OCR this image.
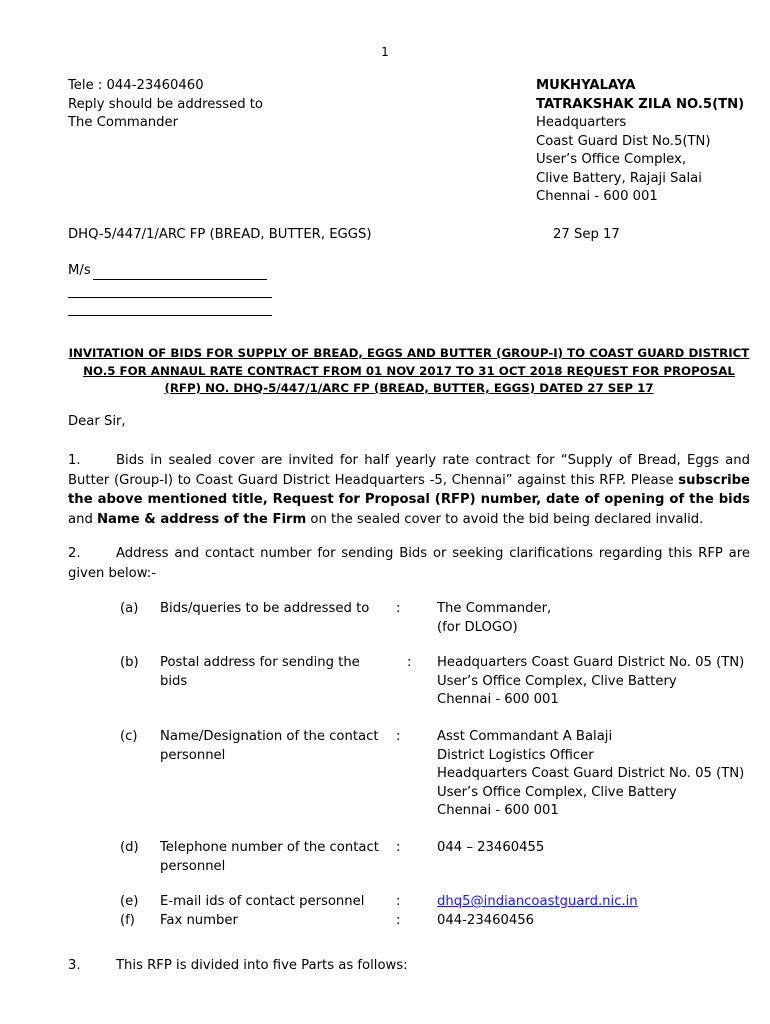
1
Tele : 044-23460460
Reply should be addressed to
The Commander
MUKHYALAYA
TATRAKSHAK ZILA NO.5(TN)
Headquarters
Coast Guard Dist No.5(TN)
User’s Office Complex,
Clive Battery, Rajaji Salai
Chennai - 600 001
DHQ-5/447/1/ARC FP (BREAD, BUTTER, EGGS)	27 Sep 17
M/s
INVITATION OF BIDS FOR SUPPLY OF BREAD, EGGS AND BUTTER (GROUP-I) TO COAST GUARD DISTRICT NO.5 FOR ANNAUL RATE CONTRACT FROM 01 NOV 2017 TO 31 OCT 2018 REQUEST FOR PROPOSAL (RFP) NO. DHQ-5/447/1/ARC FP (BREAD, BUTTER, EGGS) DATED 27 SEP 17
Dear Sir,
1.	Bids in sealed cover are invited for half yearly rate contract for “Supply of Bread, Eggs and Butter (Group-I) to Coast Guard District Headquarters -5, Chennai” against this RFP. Please subscribe the above mentioned title, Request for Proposal (RFP) number, date of opening of the bids and Name & address of the Firm on the sealed cover to avoid the bid being declared invalid.
2.	Address and contact number for sending Bids or seeking clarifications regarding this RFP are given below:-
(a) Bids/queries to be addressed to	:	The Commander,
(for DLOGO)
(b) Postal address for sending the bids
: Headquarters Coast Guard District No. 05 (TN)
User’s Office Complex, Clive Battery
Chennai - 600 001
(c) Name/Designation of the contact personnel
:	Asst Commandant A Balaji
District Logistics Officer
Headquarters Coast Guard District No. 05 (TN)
User’s Office Complex, Clive Battery
Chennai - 600 001
(d) Telephone number of the contact personnel
:	044 – 23460455
(e) E-mail ids of contact personnel	:	dhq5@indiancoastguard.nic.in
(f) Fax number	:	044-23460456
3.	This RFP is divided into five Parts as follows:
